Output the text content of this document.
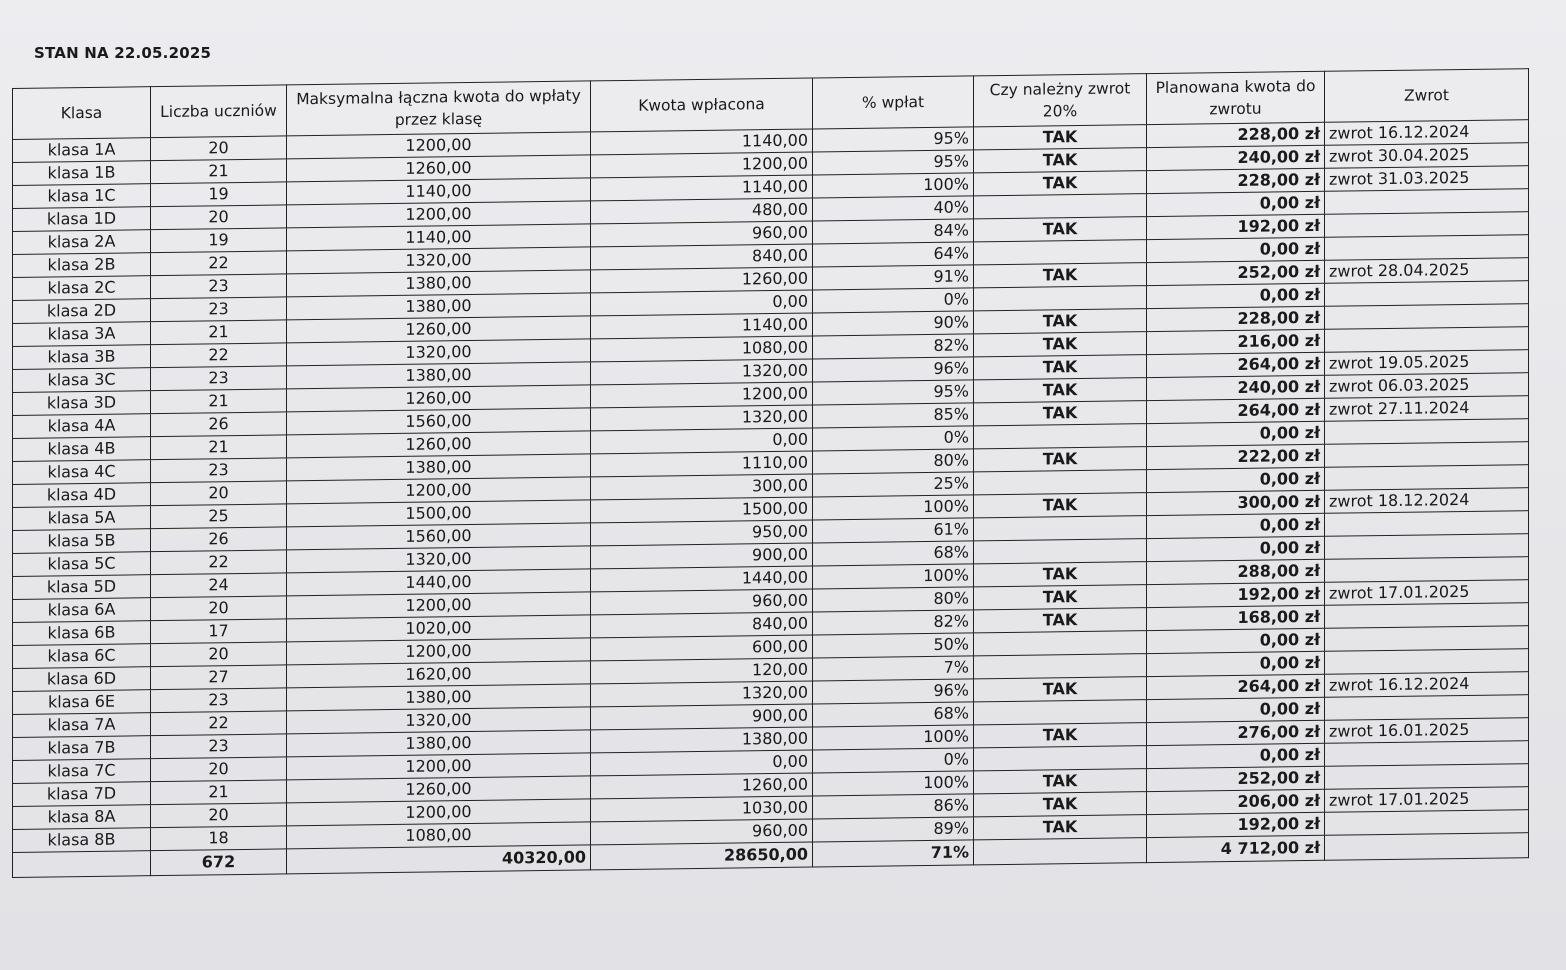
STAN NA 22.05.2025
Klasa	Liczba uczniów	Maksymalna łączna kwota do wpłaty przez klasę	Kwota wpłacona	% wpłat	Czy należny zwrot 20%	Planowana kwota do zwrotu	Zwrot
klasa 1A	20	1200,00	1140,00	95%	TAK	228,00 zł	zwrot 16.12.2024
klasa 1B	21	1260,00	1200,00	95%	TAK	240,00 zł	zwrot 30.04.2025
klasa 1C	19	1140,00	1140,00	100%	TAK	228,00 zł	zwrot 31.03.2025
klasa 1D	20	1200,00	480,00	40%		0,00 zł	
klasa 2A	19	1140,00	960,00	84%	TAK	192,00 zł	
klasa 2B	22	1320,00	840,00	64%		0,00 zł	
klasa 2C	23	1380,00	1260,00	91%	TAK	252,00 zł	zwrot 28.04.2025
klasa 2D	23	1380,00	0,00	0%		0,00 zł	
klasa 3A	21	1260,00	1140,00	90%	TAK	228,00 zł	
klasa 3B	22	1320,00	1080,00	82%	TAK	216,00 zł	
klasa 3C	23	1380,00	1320,00	96%	TAK	264,00 zł	zwrot 19.05.2025
klasa 3D	21	1260,00	1200,00	95%	TAK	240,00 zł	zwrot 06.03.2025
klasa 4A	26	1560,00	1320,00	85%	TAK	264,00 zł	zwrot 27.11.2024
klasa 4B	21	1260,00	0,00	0%		0,00 zł	
klasa 4C	23	1380,00	1110,00	80%	TAK	222,00 zł	
klasa 4D	20	1200,00	300,00	25%		0,00 zł	
klasa 5A	25	1500,00	1500,00	100%	TAK	300,00 zł	zwrot 18.12.2024
klasa 5B	26	1560,00	950,00	61%		0,00 zł	
klasa 5C	22	1320,00	900,00	68%		0,00 zł	
klasa 5D	24	1440,00	1440,00	100%	TAK	288,00 zł	
klasa 6A	20	1200,00	960,00	80%	TAK	192,00 zł	zwrot 17.01.2025
klasa 6B	17	1020,00	840,00	82%	TAK	168,00 zł	
klasa 6C	20	1200,00	600,00	50%		0,00 zł	
klasa 6D	27	1620,00	120,00	7%		0,00 zł	
klasa 6E	23	1380,00	1320,00	96%	TAK	264,00 zł	zwrot 16.12.2024
klasa 7A	22	1320,00	900,00	68%		0,00 zł	
klasa 7B	23	1380,00	1380,00	100%	TAK	276,00 zł	zwrot 16.01.2025
klasa 7C	20	1200,00	0,00	0%		0,00 zł	
klasa 7D	21	1260,00	1260,00	100%	TAK	252,00 zł	
klasa 8A	20	1200,00	1030,00	86%	TAK	206,00 zł	zwrot 17.01.2025
klasa 8B	18	1080,00	960,00	89%	TAK	192,00 zł	
	672	40320,00	28650,00	71%		4 712,00 zł	
